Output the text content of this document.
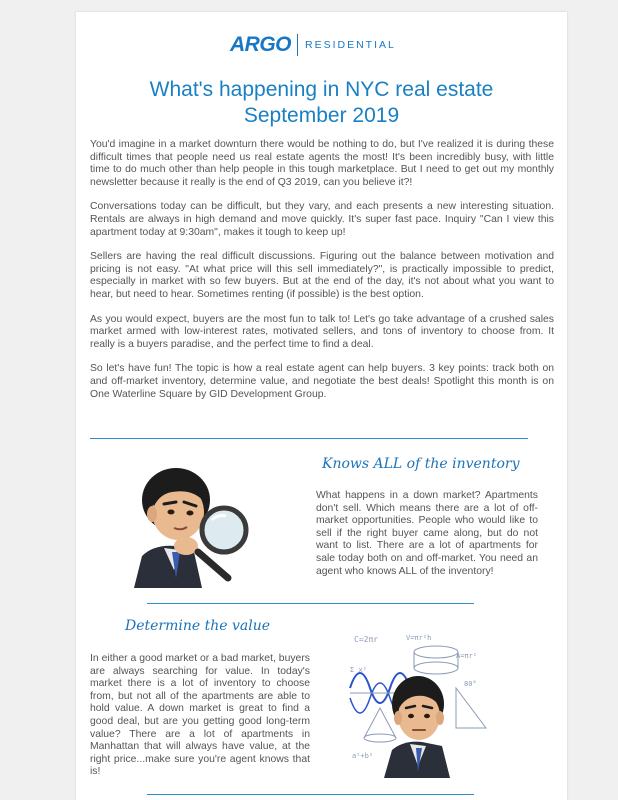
ARGO RESIDENTIAL
What's happening in NYC real estate
September 2019

You'd imagine in a market downturn there would be nothing to do, but I've realized it is during these difficult times that people need us real estate agents the most! It's been incredibly busy, with little time to do much other than help people in this tough marketplace. But I need to get out my monthly newsletter because it really is the end of Q3 2019, can you believe it?!

Conversations today can be difficult, but they vary, and each presents a new interesting situation. Rentals are always in high demand and move quickly. It's super fast pace. Inquiry "Can I view this apartment today at 9:30am", makes it tough to keep up!

Sellers are having the real difficult discussions. Figuring out the balance between motivation and pricing is not easy. "At what price will this sell immediately?", is practically impossible to predict, especially in market with so few buyers. But at the end of the day, it's not about what you want to hear, but need to hear. Sometimes renting (if possible) is the best option.

As you would expect, buyers are the most fun to talk to! Let's go take advantage of a crushed sales market armed with low-interest rates, motivated sellers, and tons of inventory to choose from. It really is a buyers paradise, and the perfect time to find a deal.

So let's have fun! The topic is how a real estate agent can help buyers. 3 key points: track both on and off-market inventory, determine value, and negotiate the best deals! Spotlight this month is on One Waterline Square by GID Development Group.

Knows ALL of the inventory

What happens in a down market? Apartments don't sell. Which means there are a lot of off-market opportunities. People who would like to sell if the right buyer came along, but do not want to list. There are a lot of apartments for sale today both on and off-market. You need an agent who knows ALL of the inventory!

Determine the value

In either a good market or a bad market, buyers are always searching for value. In today's market there is a lot of inventory to choose from, but not all of the apartments are able to hold value. A down market is great to find a good deal, but are you getting good long-term value? There are a lot of apartments in Manhattan that will always have value, at the right price...make sure you're agent knows that is!

C=2πr	V=πr²h
A=πr²
Σ x²
80°
a²+b²
